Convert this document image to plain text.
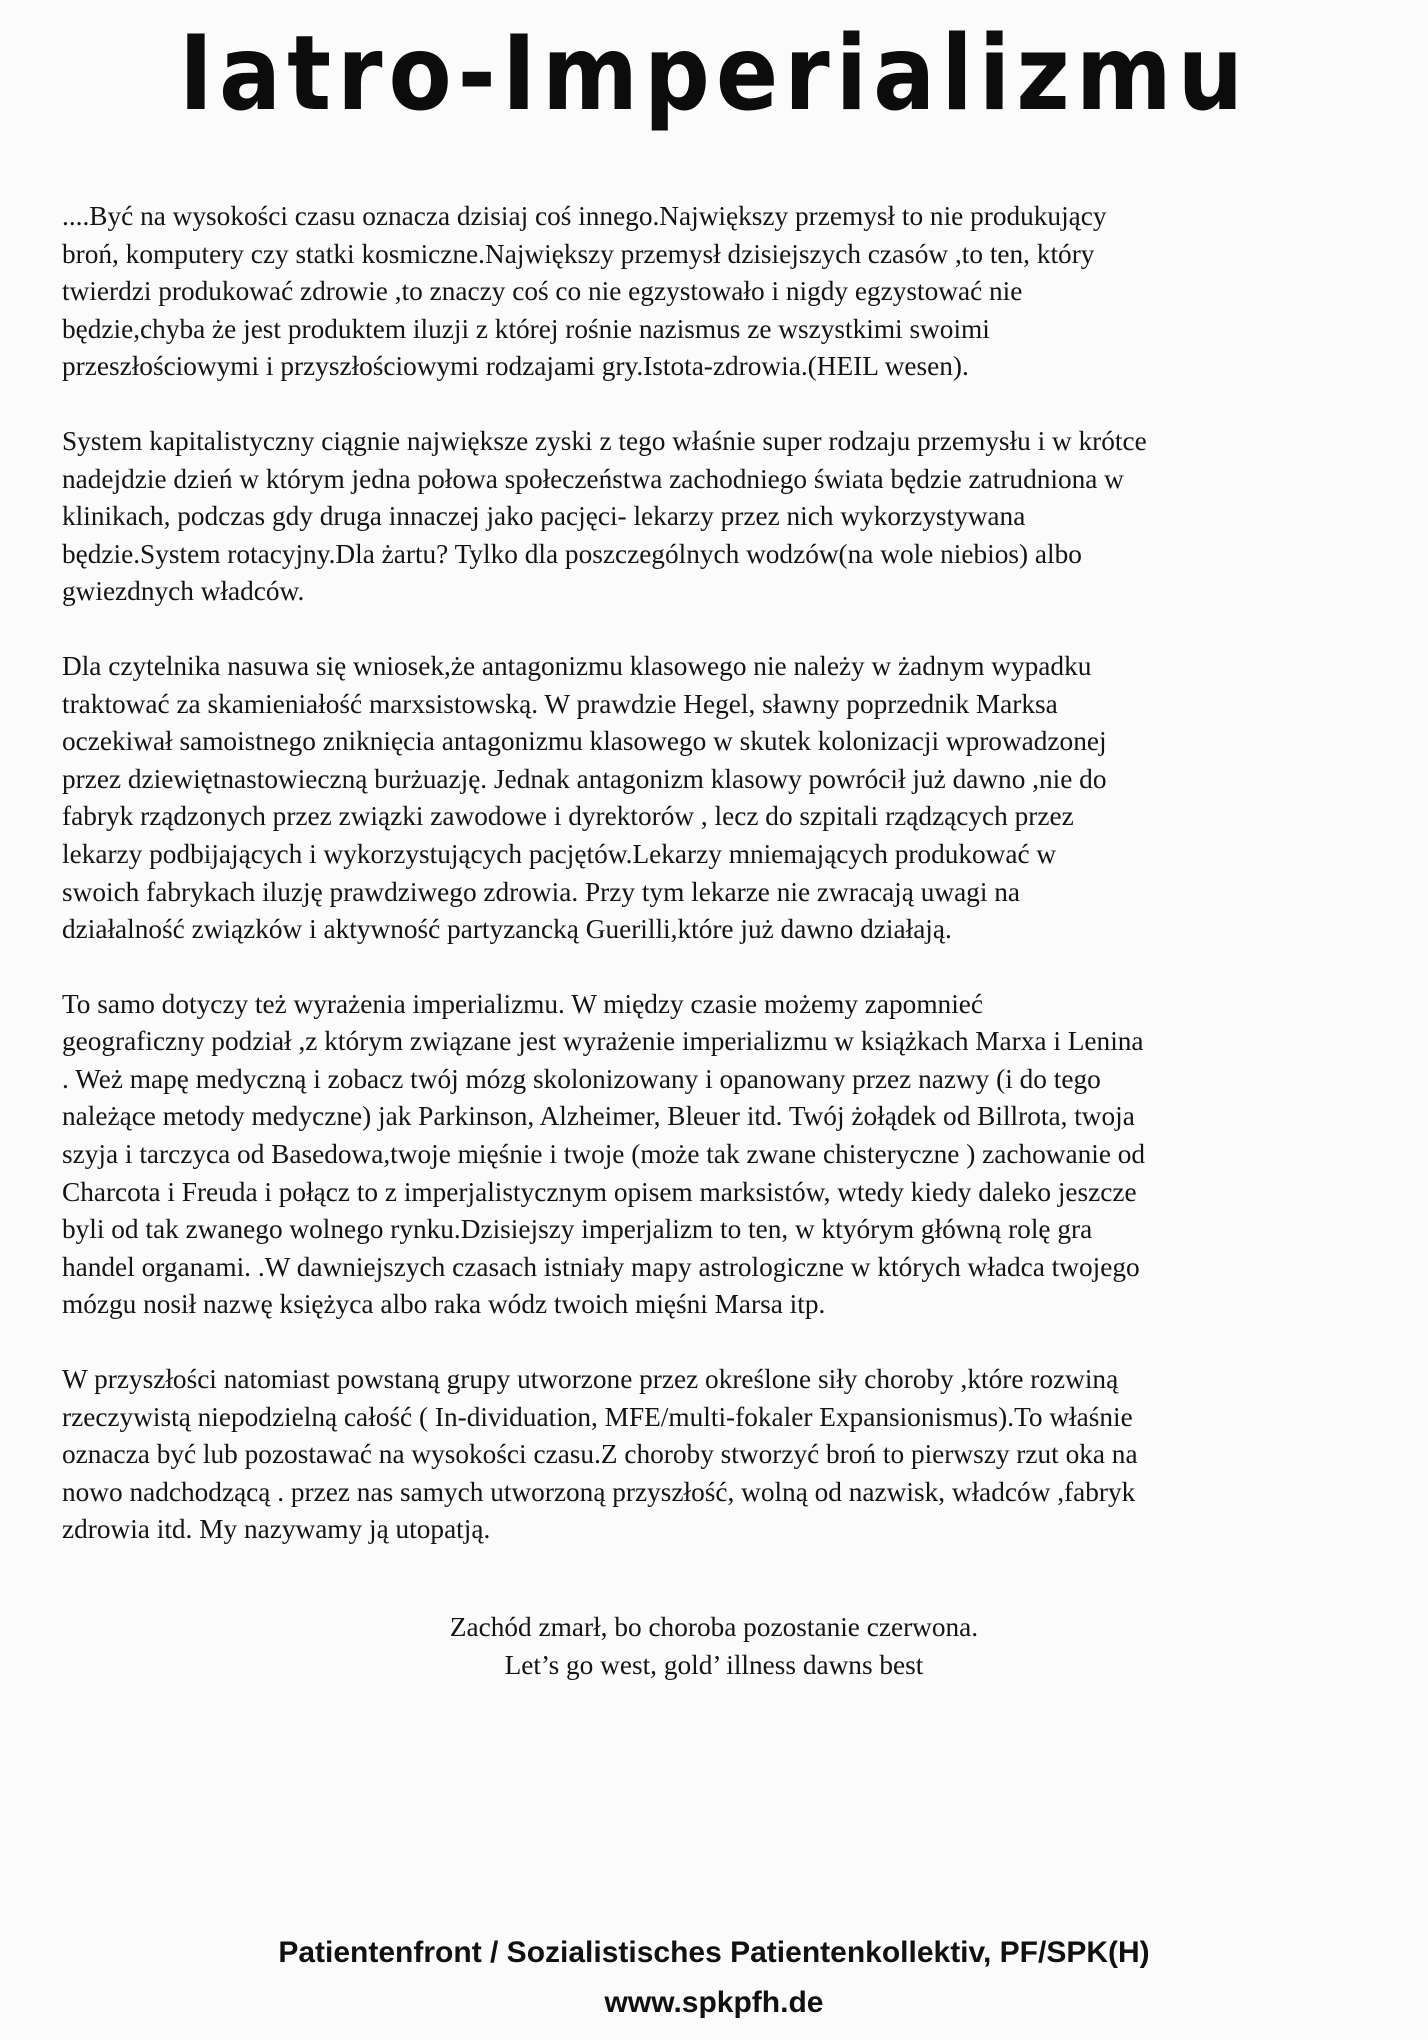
Iatro-Imperializmu

....Być na wysokości czasu oznacza dzisiaj coś innego.Największy przemysł to nie produkujący
broń, komputery czy statki kosmiczne.Największy przemysł dzisiejszych czasów ,to ten, który
twierdzi produkować zdrowie ,to znaczy coś co nie egzystowało i nigdy egzystować nie
będzie,chyba że jest produktem iluzji z której rośnie nazismus ze wszystkimi swoimi
przeszłościowymi i przyszłościowymi rodzajami gry.Istota-zdrowia.(HEIL wesen).

System kapitalistyczny ciągnie największe zyski z tego właśnie super rodzaju przemysłu i w krótce
nadejdzie dzień w którym jedna połowa społeczeństwa zachodniego świata będzie zatrudniona w
klinikach, podczas gdy druga innaczej jako pacjęci- lekarzy przez nich wykorzystywana
będzie.System rotacyjny.Dla żartu? Tylko dla poszczególnych wodzów(na wole niebios) albo
gwiezdnych władców.

Dla czytelnika nasuwa się wniosek,że antagonizmu klasowego nie należy w żadnym wypadku
traktować za skamieniałość marxsistowską. W prawdzie Hegel, sławny poprzednik Marksa
oczekiwał samoistnego zniknięcia antagonizmu klasowego w skutek kolonizacji wprowadzonej
przez dziewiętnastowieczną burżuazję. Jednak antagonizm klasowy powrócił już dawno ,nie do
fabryk rządzonych przez związki zawodowe i dyrektorów , lecz do szpitali rządzących przez
lekarzy podbijających i wykorzystujących pacjętów.Lekarzy mniemających produkować w
swoich fabrykach iluzję prawdziwego zdrowia. Przy tym lekarze nie zwracają uwagi na
działalność związków i aktywność partyzancką Guerilli,które już dawno działają.

To samo dotyczy też wyrażenia imperializmu. W między czasie możemy zapomnieć
geograficzny podział ,z którym związane jest wyrażenie imperializmu w książkach Marxa i Lenina
. Weż mapę medyczną i zobacz twój mózg skolonizowany i opanowany przez nazwy (i do tego
należące metody medyczne) jak Parkinson, Alzheimer, Bleuer itd. Twój żołądek od Billrota, twoja
szyja i tarczyca od Basedowa,twoje mięśnie i twoje (może tak zwane chisteryczne ) zachowanie od
Charcota i Freuda i połącz to z imperjalistycznym opisem marksistów, wtedy kiedy daleko jeszcze
byli od tak zwanego wolnego rynku.Dzisiejszy imperjalizm to ten, w ktyórym główną rolę gra
handel organami. .W dawniejszych czasach istniały mapy astrologiczne w których władca twojego
mózgu nosił nazwę księżyca albo raka wódz twoich mięśni Marsa itp.

W przyszłości natomiast powstaną grupy utworzone przez określone siły choroby ,które rozwiną
rzeczywistą niepodzielną całość ( In-dividuation, MFE/multi-fokaler Expansionismus).To właśnie
oznacza być lub pozostawać na wysokości czasu.Z choroby stworzyć broń to pierwszy rzut oka na
nowo nadchodzącą . przez nas samych utworzoną przyszłość, wolną od nazwisk, władców ,fabryk
zdrowia itd. My nazywamy ją utopatją.

Zachód zmarł, bo choroba pozostanie czerwona.
Let’s go west, gold’ illness dawns best
Patientenfront / Sozialistisches Patientenkollektiv, PF/SPK(H)
www.spkpfh.de
